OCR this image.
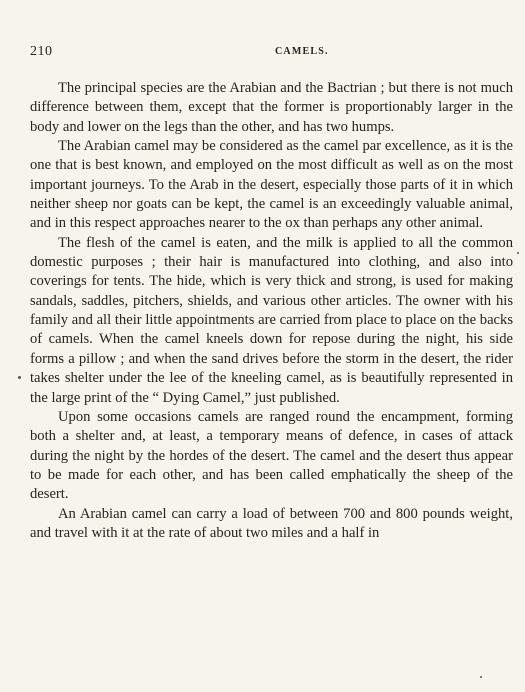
210	CAMELS.

The principal species are the Arabian and the Bactrian ; but there is not much difference between them, except that the former is proportionably larger in the body and lower on the legs than the other, and has two humps.

The Arabian camel may be considered as the camel par excellence, as it is the one that is best known, and employed on the most difficult as well as on the most important journeys. To the Arab in the desert, especially those parts of it in which neither sheep nor goats can be kept, the camel is an exceedingly valuable animal, and in this respect approaches nearer to the ox than perhaps any other animal.

The flesh of the camel is eaten, and the milk is applied to all the common domestic purposes ; their hair is manufactured into clothing, and also into coverings for tents. The hide, which is very thick and strong, is used for making sandals, saddles, pitchers, shields, and various other articles. The owner with his family and all their little appointments are carried from place to place on the backs of camels. When the camel kneels down for repose during the night, his side forms a pillow ; and when the sand drives before the storm in the desert, the rider takes shelter under the lee of the kneeling camel, as is beautifully represented in the large print of the “ Dying Camel,” just published.

Upon some occasions camels are ranged round the encampment, forming both a shelter and, at least, a temporary means of defence, in cases of attack during the night by the hordes of the desert. The camel and the desert thus appear to be made for each other, and has been called emphatically the sheep of the desert.

An Arabian camel can carry a load of between 700 and 800 pounds weight, and travel with it at the rate of about two miles and a half in
